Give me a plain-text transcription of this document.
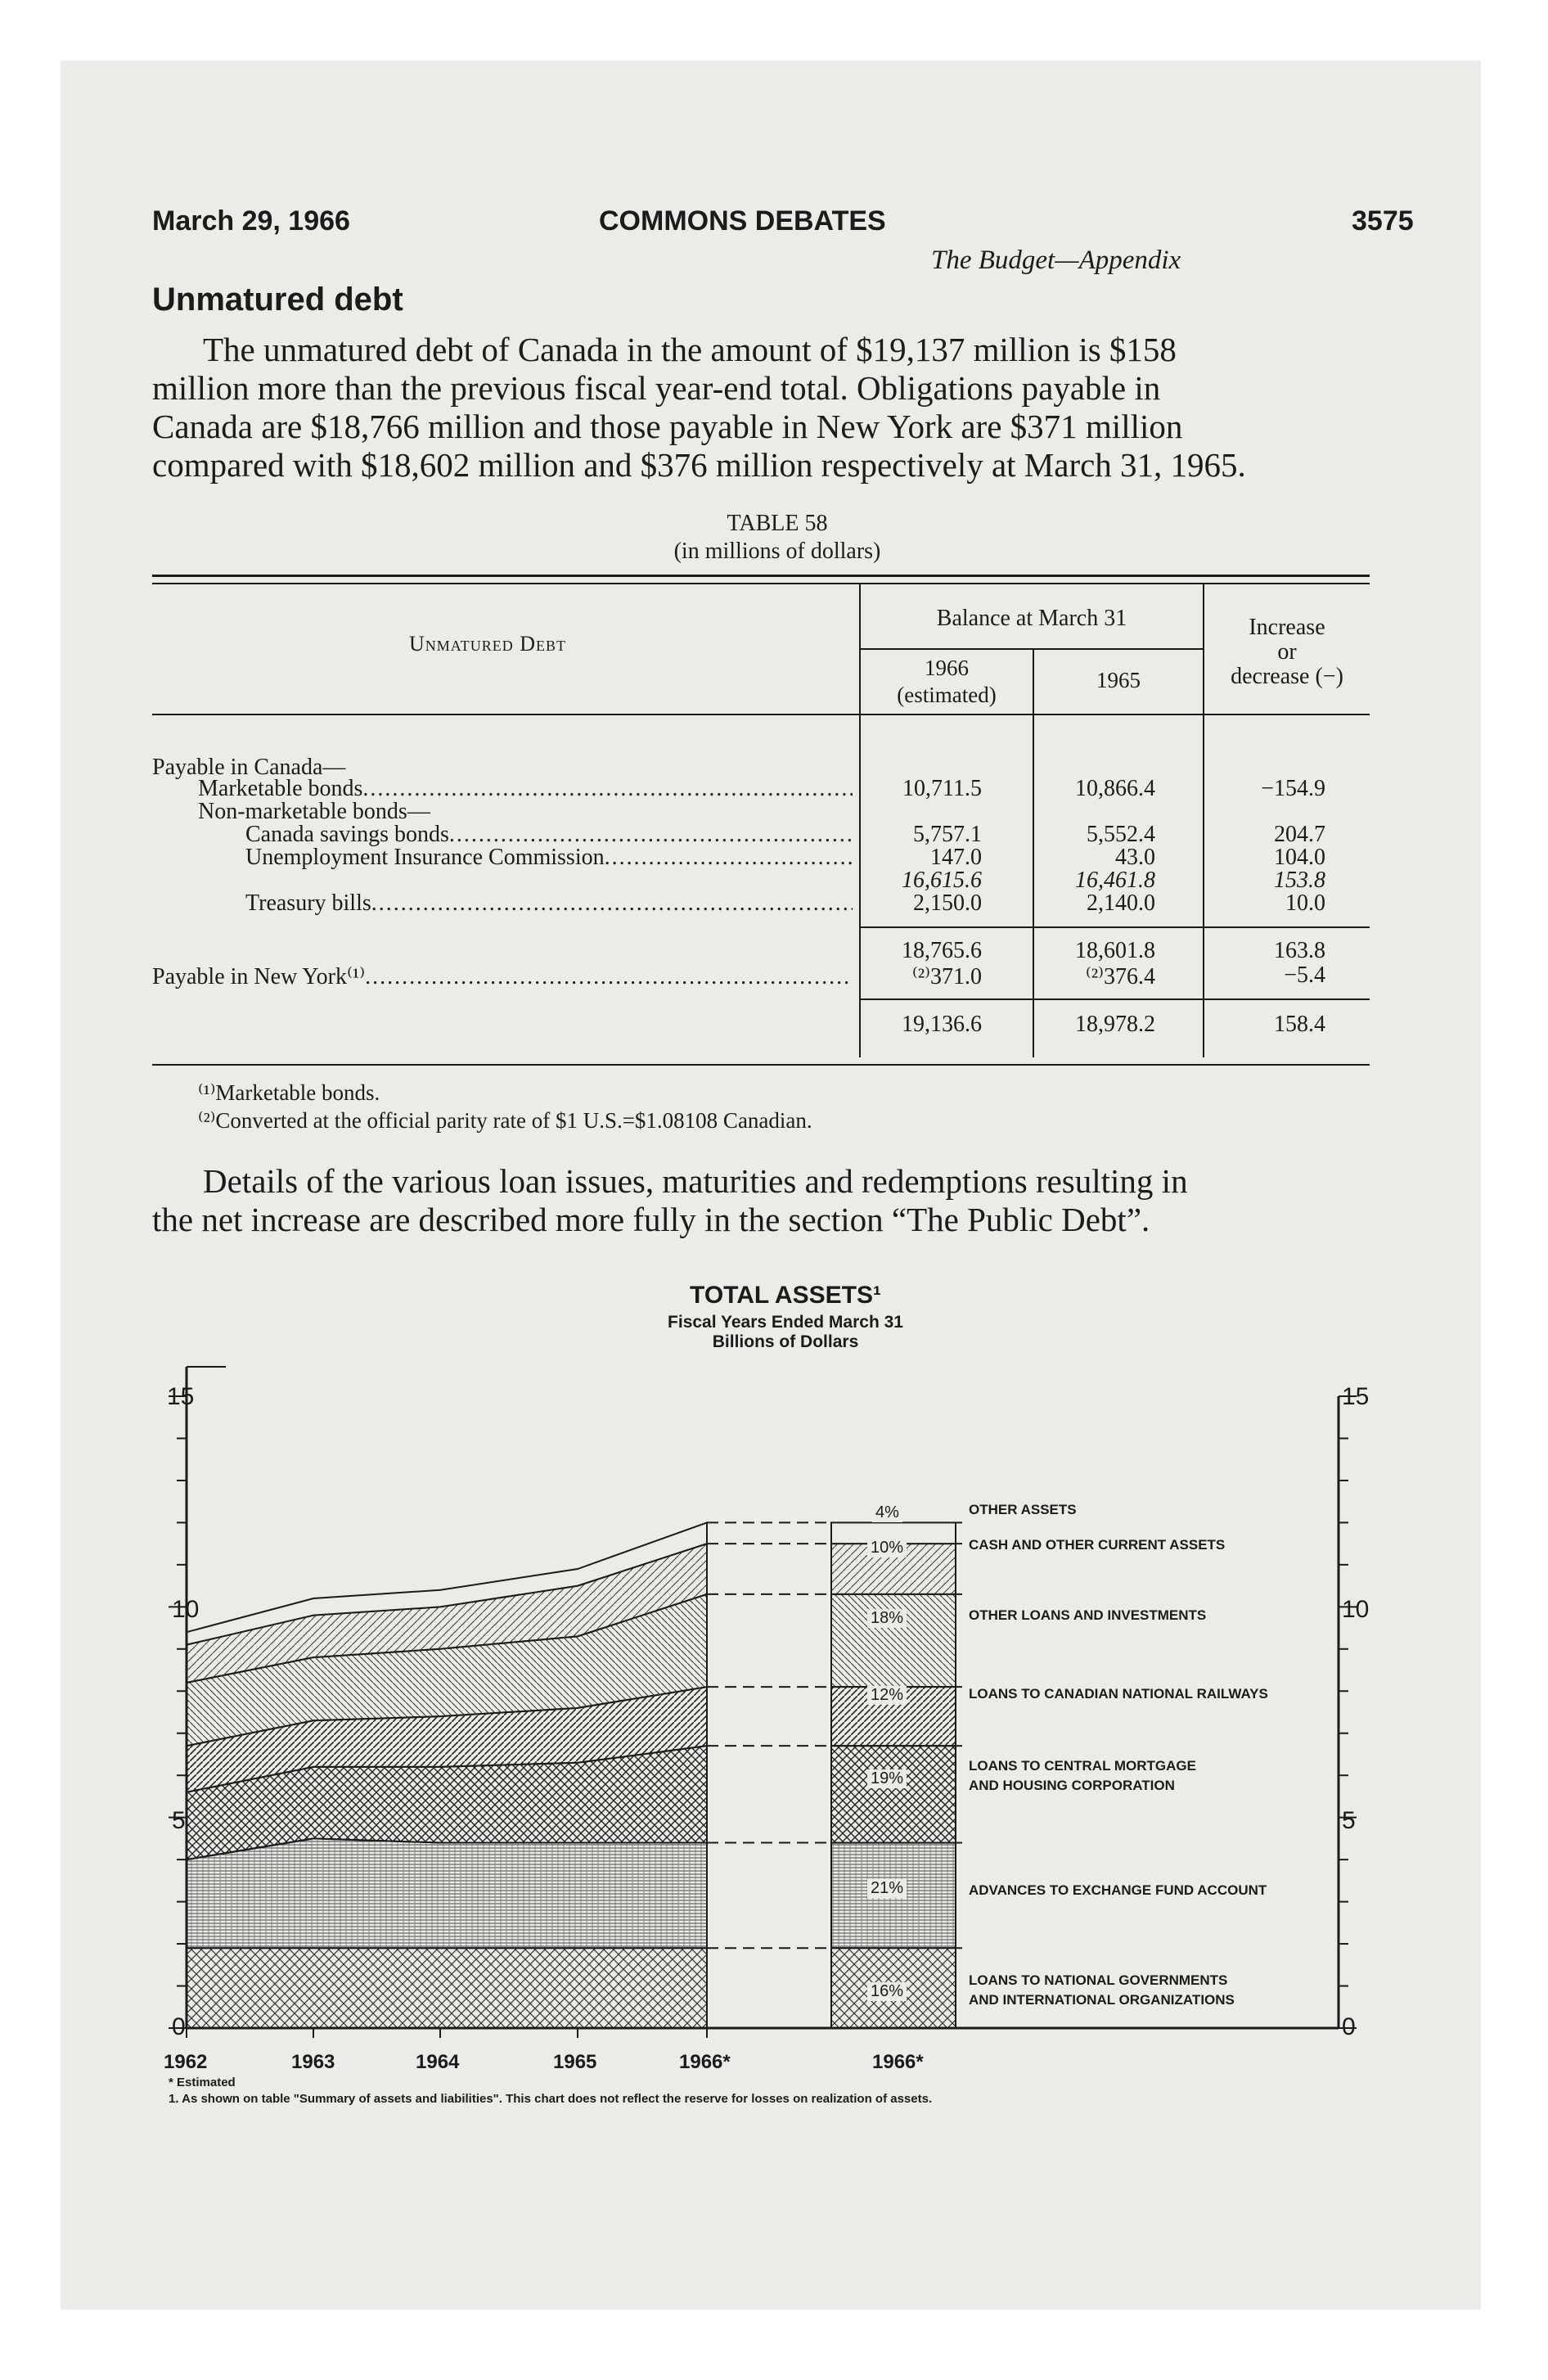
March 29, 1966	COMMONS DEBATES	3575
The Budget—Appendix
Unmatured debt

The unmatured debt of Canada in the amount of $19,137 million is $158

million more than the previous fiscal year-end total. Obligations payable in

Canada are $18,766 million and those payable in New York are $371 million

compared with $18,602 million and $376 million respectively at March 31, 1965.

TABLE 58
(in millions of dollars)
Unmatured Debt
Balance at March 31
1966
(estimated)
1965
Increase
or
decrease (−)
Payable in Canada—
Marketable bonds .....	10,711.5	10,866.4	−154.9
Non-marketable bonds—
Canada savings bonds .....	5,757.1	5,552.4	204.7
Unemployment Insurance Commission .....	147.0	43.0	104.0
16,615.6	16,461.8	153.8
Treasury bills .....	2,150.0	2,140.0	10.0
18,765.6	18,601.8	163.8
Payable in New York⁽¹⁾ .....	⁽²⁾371.0	⁽²⁾376.4	−5.4
19,136.6	18,978.2	158.4
⁽¹⁾Marketable bonds.
⁽²⁾Converted at the official parity rate of $1 U.S.=$1.08108 Canadian.

Details of the various loan issues, maturities and redemptions resulting in

the net increase are described more fully in the section “The Public Debt”.

TOTAL ASSETS¹
Fiscal Years Ended March 31
Billions of Dollars
15
10
5
0
15
10
5
0
1962	1963	1964	1965	1966*	1966*
4%
10%
18%
12%
19%
21%
16%
OTHER ASSETS
CASH AND OTHER CURRENT ASSETS
OTHER LOANS AND INVESTMENTS
LOANS TO CANADIAN NATIONAL RAILWAYS
LOANS TO CENTRAL MORTGAGE
AND HOUSING CORPORATION
ADVANCES TO EXCHANGE FUND ACCOUNT
LOANS TO NATIONAL GOVERNMENTS
AND INTERNATIONAL ORGANIZATIONS
* Estimated
1. As shown on table "Summary of assets and liabilities". This chart does not reflect the reserve for losses on realization of assets.
